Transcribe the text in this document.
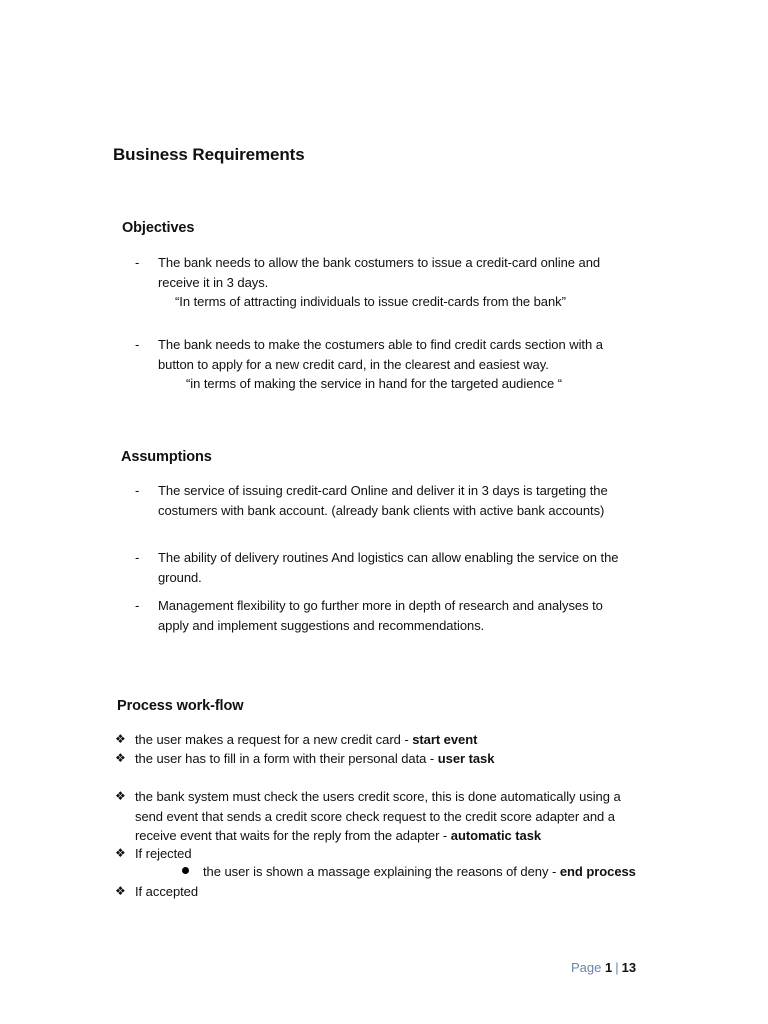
Business Requirements
Objectives
- The bank needs to allow the bank costumers to issue a credit-card online and
receive it in 3 days.
“In terms of attracting individuals to issue credit-cards from the bank”
- The bank needs to make the costumers able to find credit cards section with a
button to apply for a new credit card, in the clearest and easiest way.
“in terms of making the service in hand for the targeted audience “
Assumptions
- The service of issuing credit-card Online and deliver it in 3 days is targeting the
costumers with bank account. (already bank clients with active bank accounts)
- The ability of delivery routines And logistics can allow enabling the service on the
ground.
- Management flexibility to go further more in depth of research and analyses to
apply and implement suggestions and recommendations.
Process work-flow
❖ the user makes a request for a new credit card - start event
❖ the user has to fill in a form with their personal data - user task
❖ the bank system must check the users credit score, this is done automatically using a
send event that sends a credit score check request to the credit score adapter and a
receive event that waits for the reply from the adapter - automatic task
❖ If rejected
the user is shown a massage explaining the reasons of deny - end process
❖ If accepted
Page 1 | 13
